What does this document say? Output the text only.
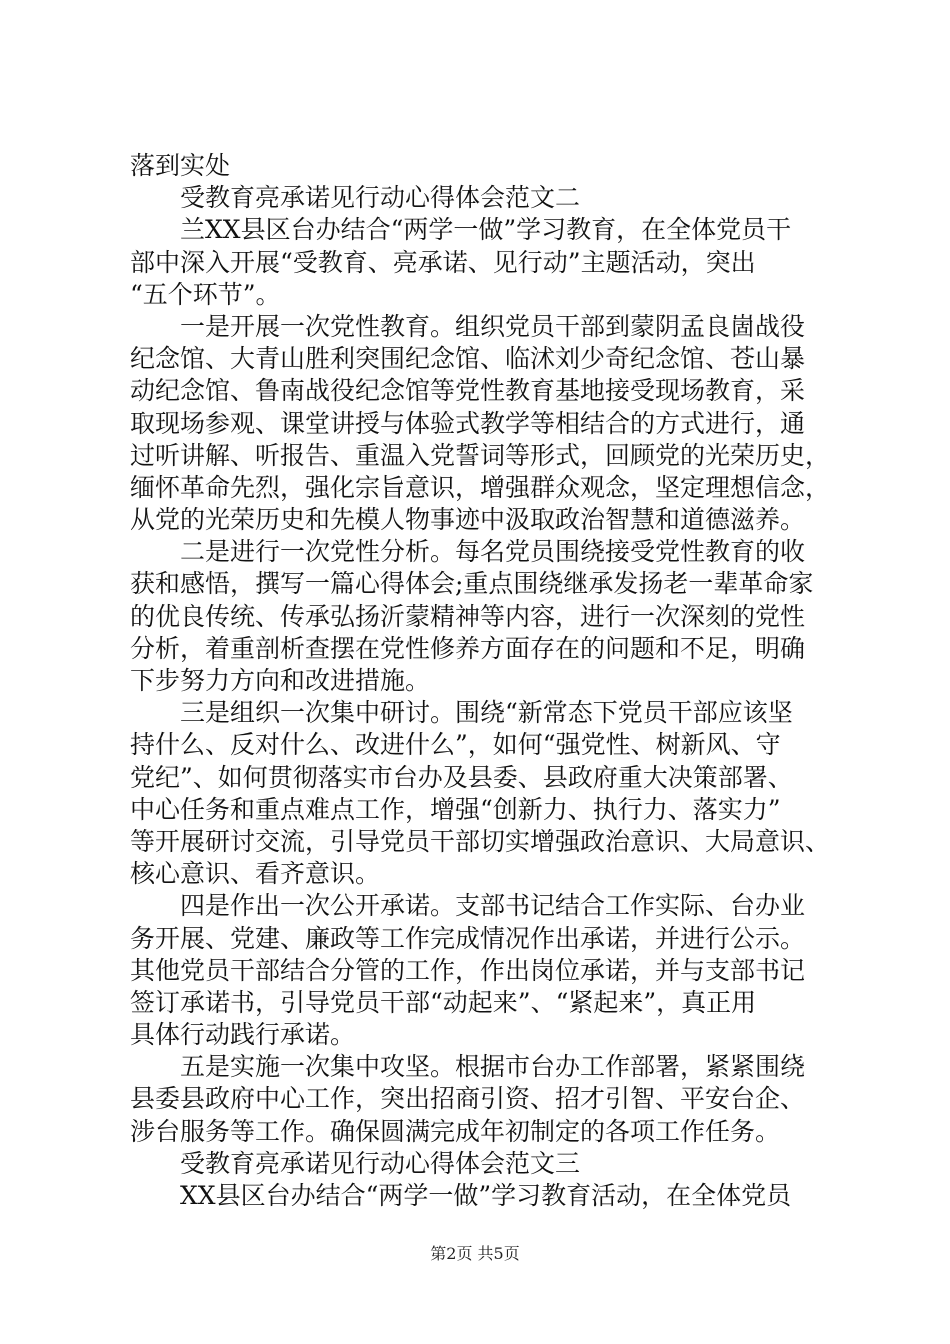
落到实处
受教育亮承诺见行动心得体会范文二
兰XX县区台办结合“两学一做”学习教育，在全体党员干
部中深入开展“受教育、亮承诺、见行动”主题活动，突出
“五个环节”。
一是开展一次党性教育。组织党员干部到蒙阴孟良崮战役
纪念馆、大青山胜利突围纪念馆、临沭刘少奇纪念馆、苍山暴
动纪念馆、鲁南战役纪念馆等党性教育基地接受现场教育，采
取现场参观、课堂讲授与体验式教学等相结合的方式进行，通
过听讲解、听报告、重温入党誓词等形式，回顾党的光荣历史，
缅怀革命先烈，强化宗旨意识，增强群众观念，坚定理想信念，
从党的光荣历史和先模人物事迹中汲取政治智慧和道德滋养。
二是进行一次党性分析。每名党员围绕接受党性教育的收
获和感悟，撰写一篇心得体会;重点围绕继承发扬老一辈革命家
的优良传统、传承弘扬沂蒙精神等内容，进行一次深刻的党性
分析，着重剖析查摆在党性修养方面存在的问题和不足，明确
下步努力方向和改进措施。
三是组织一次集中研讨。围绕“新常态下党员干部应该坚
持什么、反对什么、改进什么”，如何“强党性、树新风、守
党纪”、如何贯彻落实市台办及县委、县政府重大决策部署、
中心任务和重点难点工作，增强“创新力、执行力、落实力”
等开展研讨交流，引导党员干部切实增强政治意识、大局意识、
核心意识、看齐意识。
四是作出一次公开承诺。支部书记结合工作实际、台办业
务开展、党建、廉政等工作完成情况作出承诺，并进行公示。
其他党员干部结合分管的工作，作出岗位承诺，并与支部书记
签订承诺书，引导党员干部“动起来”、“紧起来”，真正用
具体行动践行承诺。
五是实施一次集中攻坚。根据市台办工作部署，紧紧围绕
县委县政府中心工作，突出招商引资、招才引智、平安台企、
涉台服务等工作。确保圆满完成年初制定的各项工作任务。
受教育亮承诺见行动心得体会范文三
XX县区台办结合“两学一做”学习教育活动，在全体党员
第2页 共5页
